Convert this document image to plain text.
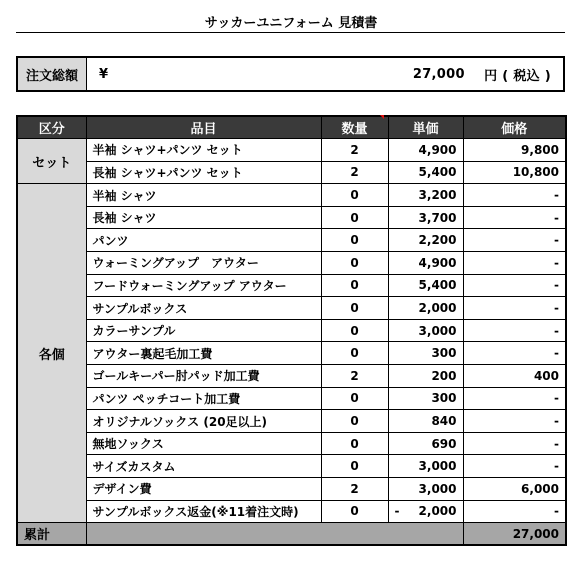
サッカーユニフォーム 見積書
注文総額	¥	27,000
円 ( 税込 )
区分	品目	数量	単価	価格
セット	半袖 シャツ+パンツ セット	2	4,900	9,800
	長袖 シャツ+パンツ セット	2	5,400	10,800
各個	半袖 シャツ	0	3,200	-
	長袖 シャツ	0	3,700	-
	パンツ	0	2,200	-
	ウォーミングアップ　アウター	0	4,900	-
	フードウォーミングアップ アウター	0	5,400	-
	サンプルボックス	0	2,000	-
	カラーサンプル	0	3,000	-
	アウター裏起毛加工費	0	300	-
	ゴールキーパー肘パッド加工費	2	200	400
	パンツ ペッチコート加工費	0	300	-
	オリジナルソックス (20足以上)	0	840	-
	無地ソックス	0	690	-
	サイズカスタム	0	3,000	-
	デザイン費	2	3,000	6,000
	サンプルボックス返金(※11着注文時)	0	- 2,000	-
累計				27,000
